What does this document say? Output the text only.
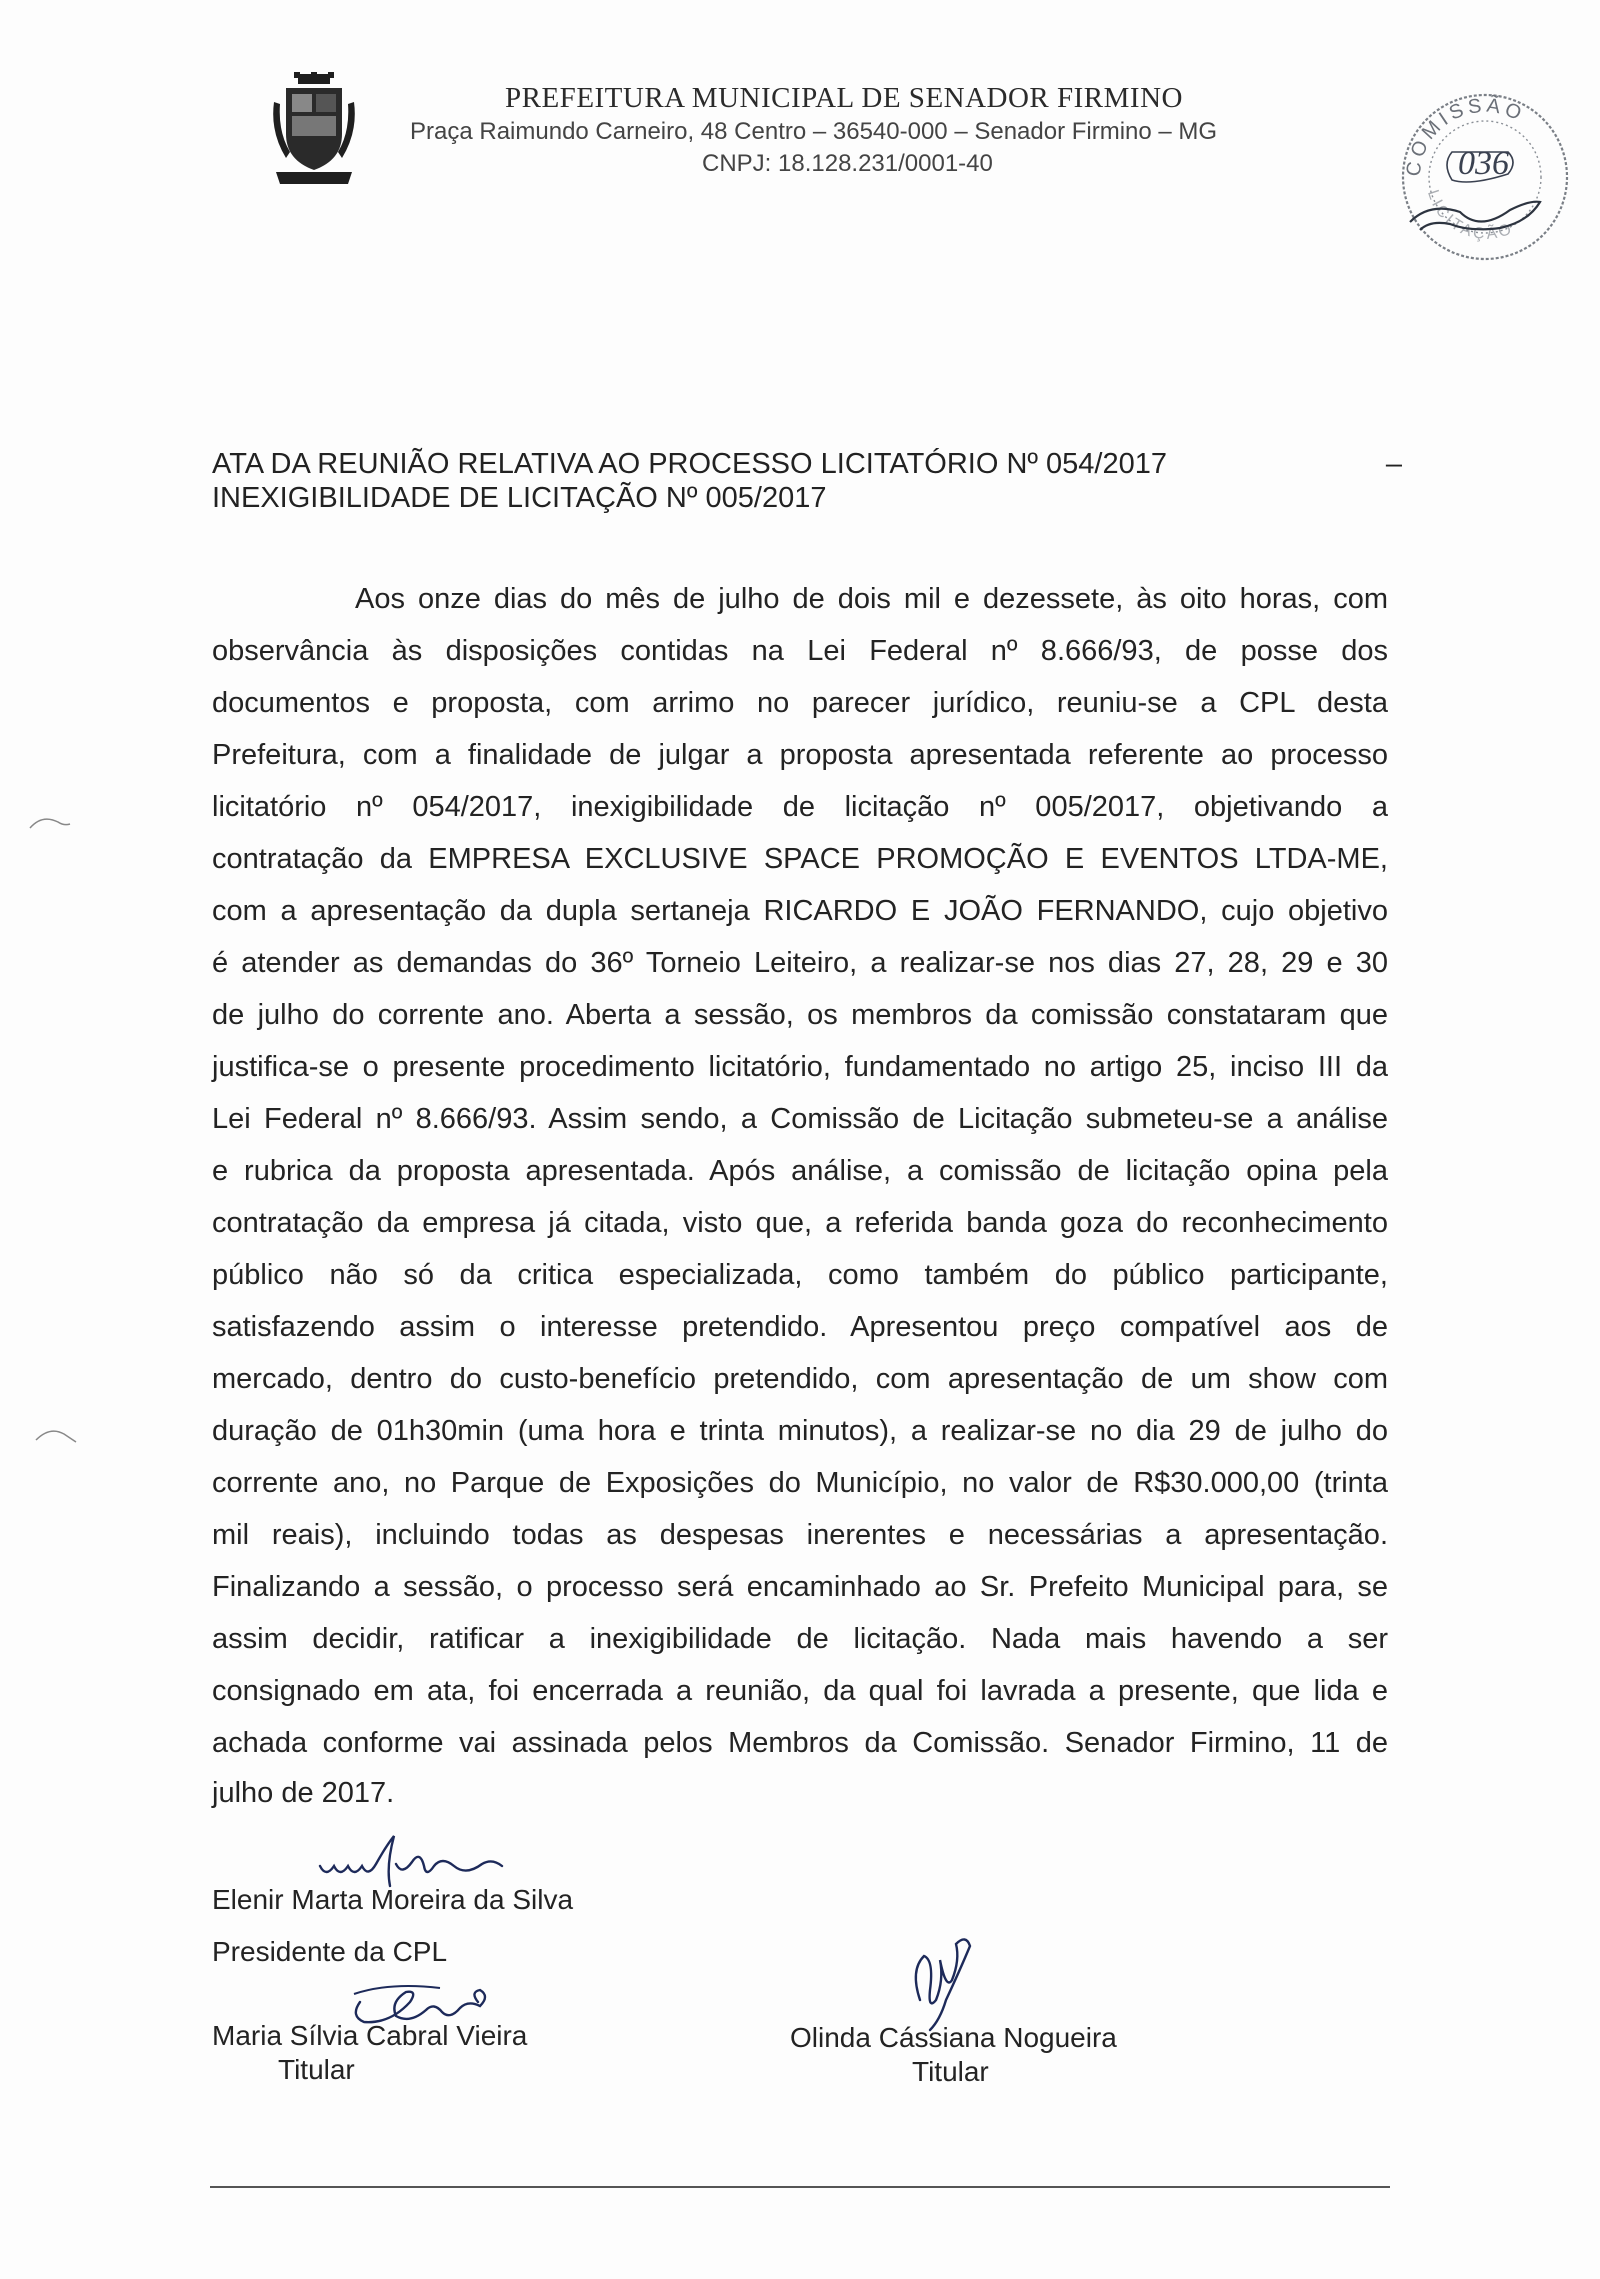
PREFEITURA MUNICIPAL DE SENADOR FIRMINO
Praça Raimundo Carneiro, 48 Centro – 36540-000 – Senador Firmino – MG
CNPJ: 18.128.231/0001-40	COMISSÃO
036
LICITAÇÃO
ATA DA REUNIÃO RELATIVA AO PROCESSO LICITATÓRIO Nº 054/2017	–
INEXIGIBILIDADE DE LICITAÇÃO Nº 005/2017
Aos onze dias do mês de julho de dois mil e dezessete, às oito horas, com
observância às disposições contidas na Lei Federal nº 8.666/93, de posse dos
documentos e proposta, com arrimo no parecer jurídico, reuniu-se a CPL desta
Prefeitura, com a finalidade de julgar a proposta apresentada referente ao processo
licitatório nº 054/2017, inexigibilidade de licitação nº 005/2017, objetivando a
contratação da EMPRESA EXCLUSIVE SPACE PROMOÇÃO E EVENTOS LTDA-ME,
com a apresentação da dupla sertaneja RICARDO E JOÃO FERNANDO, cujo objetivo
é atender as demandas do 36º Torneio Leiteiro, a realizar-se nos dias 27, 28, 29 e 30
de julho do corrente ano. Aberta a sessão, os membros da comissão constataram que
justifica-se o presente procedimento licitatório, fundamentado no artigo 25, inciso III da
Lei Federal nº 8.666/93. Assim sendo, a Comissão de Licitação submeteu-se a análise
e rubrica da proposta apresentada. Após análise, a comissão de licitação opina pela
contratação da empresa já citada, visto que, a referida banda goza do reconhecimento
público não só da critica especializada, como também do público participante,
satisfazendo assim o interesse pretendido. Apresentou preço compatível aos de
mercado, dentro do custo-benefício pretendido, com apresentação de um show com
duração de 01h30min (uma hora e trinta minutos), a realizar-se no dia 29 de julho do
corrente ano, no Parque de Exposições do Município, no valor de R$30.000,00 (trinta
mil reais), incluindo todas as despesas inerentes e necessárias a apresentação.
Finalizando a sessão, o processo será encaminhado ao Sr. Prefeito Municipal para, se
assim decidir, ratificar a inexigibilidade de licitação. Nada mais havendo a ser
consignado em ata, foi encerrada a reunião, da qual foi lavrada a presente, que lida e
achada conforme vai assinada pelos Membros da Comissão. Senador Firmino, 11 de
julho de 2017.
Elenir Marta Moreira da Silva
Presidente da CPL
Maria Sílvia Cabral Vieira
Titular
Olinda Cássiana Nogueira
Titular
